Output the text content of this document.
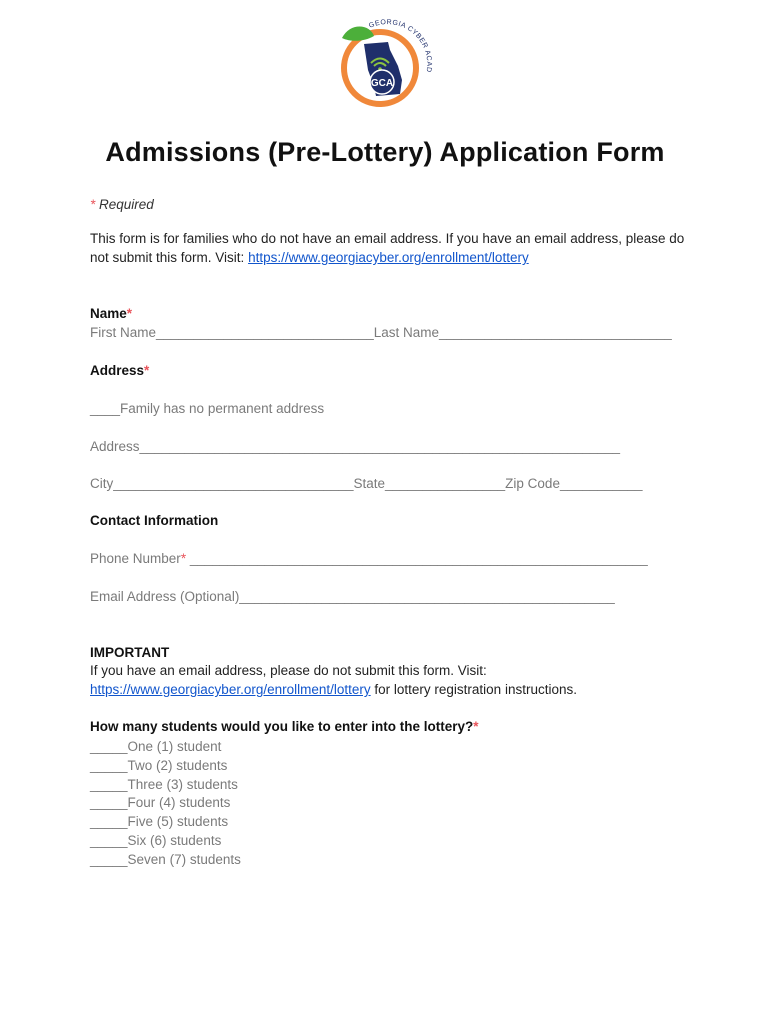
GCA
GEORGIA CYBER ACAD
Admissions (Pre-Lottery) Application Form
* Required
This form is for families who do not have an email address. If you have an email address, please do not submit this form. Visit: https://www.georgiacyber.org/enrollment/lottery
Name*
First Name_____________________________Last Name_______________________________
Address*
____Family has no permanent address
Address________________________________________________________________
City________________________________State________________Zip Code___________
Contact Information
Phone Number* _____________________________________________________________
Email Address (Optional)__________________________________________________
IMPORTANT
If you have an email address, please do not submit this form. Visit:
https://www.georgiacyber.org/enrollment/lottery for lottery registration instructions.
How many students would you like to enter into the lottery?*
_____One (1) student
_____Two (2) students
_____Three (3) students
_____Four (4) students
_____Five (5) students
_____Six (6) students
_____Seven (7) students
